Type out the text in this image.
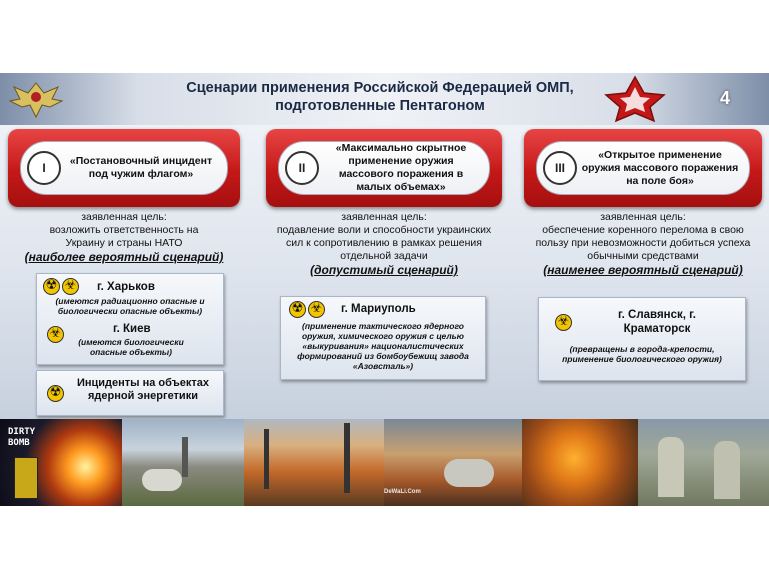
Сценарии применения Российской Федерацией ОМП,
подготовленные Пентагоном	4
I	«Постановочный инцидент под чужим флагом»
заявленная цель:
возложить ответственность на Украину и страны НАТО
(наиболее вероятный сценарий)
II
«Максимально скрытное применение оружия массового поражения в малых объемах»
заявленная цель:
подавление воли и способности украинских сил к сопротивлению в рамках решения отдельной задачи
(допустимый сценарий)
III
«Открытое применение оружия массового поражения на поле боя»
заявленная цель:
обеспечение коренного перелома в свою пользу при невозможности добиться успеха обычными средствами
(наименее вероятный сценарий)
☢☣
г. Харьков
(имеются радиационно опасные и биологически опасные объекты)
☣
г. Киев
(имеются биологически опасные объекты)
☢
Инциденты на объектах ядерной энергетики
☢☣
г. Мариуполь
(применение тактического ядерного оружия, химического оружия с целью «выкуривания» националистических формирований из бомбоубежищ завода «Азовсталь»)
☣
г. Славянск, г. Краматорск
(превращены в города-крепости, применение биологического оружия)
DIRTY
BOMB
DeWaLi.Com
